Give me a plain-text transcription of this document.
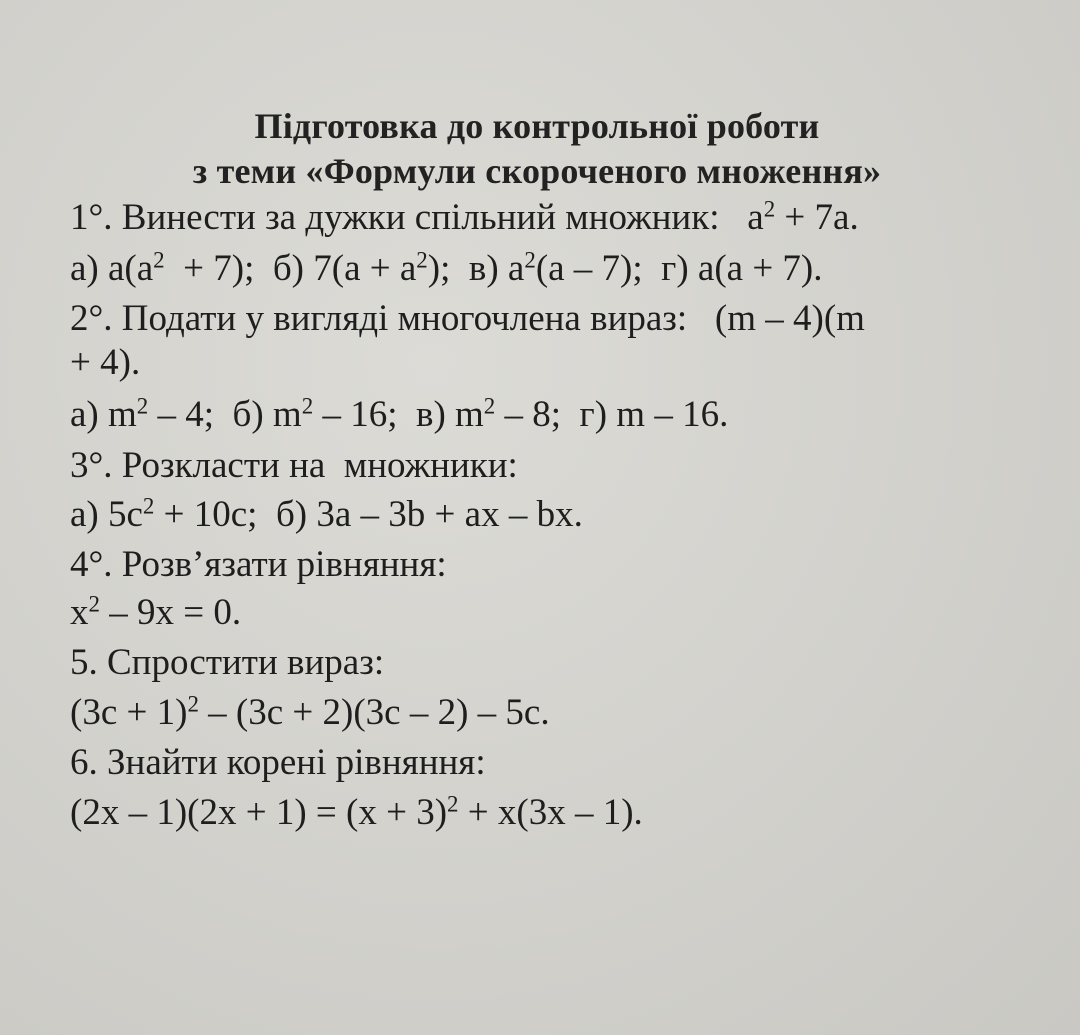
Підготовка до контрольної роботи
з теми «Формули скороченого множення»
1°. Винести за дужки спільний множник: $a^2 + 7a$.
а) $a(a^2 + 7)$;  б) $7(a + a^2)$;  в) $a^2(a - 7)$;  г) a(a + 7).
2°. Подати у вигляді многочлена вираз:   (m – 4)(m
+ 4).
а) $m^2 - 4$;  б) $m^2 - 16$;  в) $m^2 - 8$;  г) m – 16.
3°. Розкласти на  множники:
а) $5c^2 + 10c$;  б) 3a – 3b + ax – bx.
4°. Розв’язати рівняння:
$x^2 - 9x = 0$.
5. Спростити вираз:
$(3c + 1)^2 - (3c + 2)(3c - 2) - 5c$.
6. Знайти корені рівняння:
$(2x - 1)(2x + 1) = (x + 3)^2 + x(3x - 1)$.
